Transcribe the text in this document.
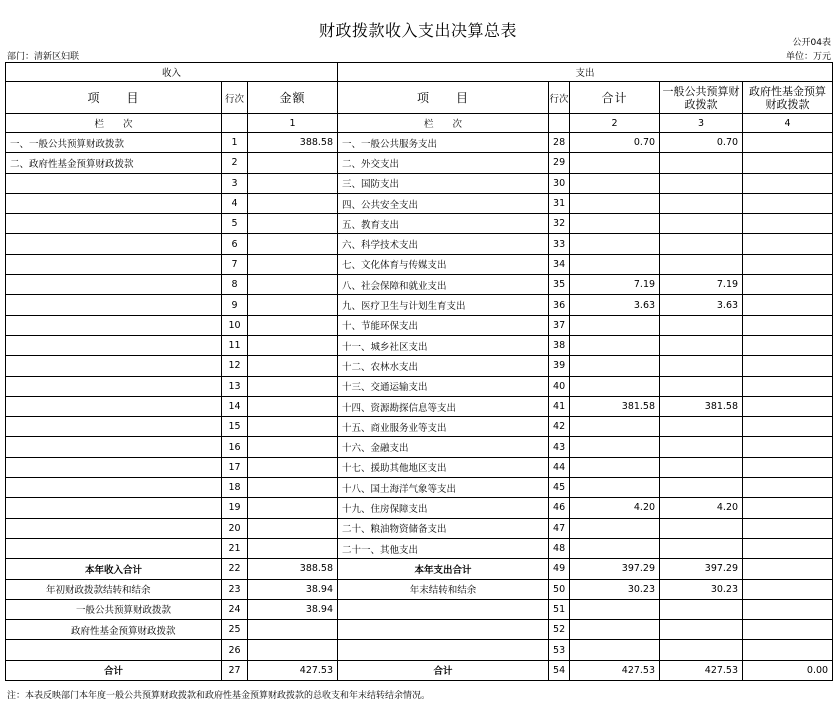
财政拨款收入支出决算总表
公开04表
单位：万元
部门：清新区妇联
收入			支出				
项　　目	行次	金额	项　　目	行次	合计	一般公共预算财政拨款	政府性基金预算财政拨款
栏　　次		1	栏　　次		2	3	4
一、一般公共预算财政拨款	1	388.58	一、一般公共服务支出	28	0.70	0.70	
二、政府性基金预算财政拨款	2		二、外交支出	29			
	3		三、国防支出	30			
	4		四、公共安全支出	31			
	5		五、教育支出	32			
	6		六、科学技术支出	33			
	7		七、文化体育与传媒支出	34			
	8		八、社会保障和就业支出	35	7.19	7.19	
	9		九、医疗卫生与计划生育支出	36	3.63	3.63	
	10		十、节能环保支出	37			
	11		十一、城乡社区支出	38			
	12		十二、农林水支出	39			
	13		十三、交通运输支出	40			
	14		十四、资源勘探信息等支出	41	381.58	381.58	
	15		十五、商业服务业等支出	42			
	16		十六、金融支出	43			
	17		十七、援助其他地区支出	44			
	18		十八、国土海洋气象等支出	45			
	19		十九、住房保障支出	46	4.20	4.20	
	20		二十、粮油物资储备支出	47			
	21		二十一、其他支出	48			
本年收入合计	22	388.58	本年支出合计	49	397.29	397.29	
年初财政拨款结转和结余	23	38.94	年末结转和结余	50	30.23	30.23	
一般公共预算财政拨款	24	38.94		51			
政府性基金预算财政拨款	25			52			
	26			53			
合计	27	427.53	合计	54	427.53	427.53	0.00
注：本表反映部门本年度一般公共预算财政拨款和政府性基金预算财政拨款的总收支和年末结转结余情况。
